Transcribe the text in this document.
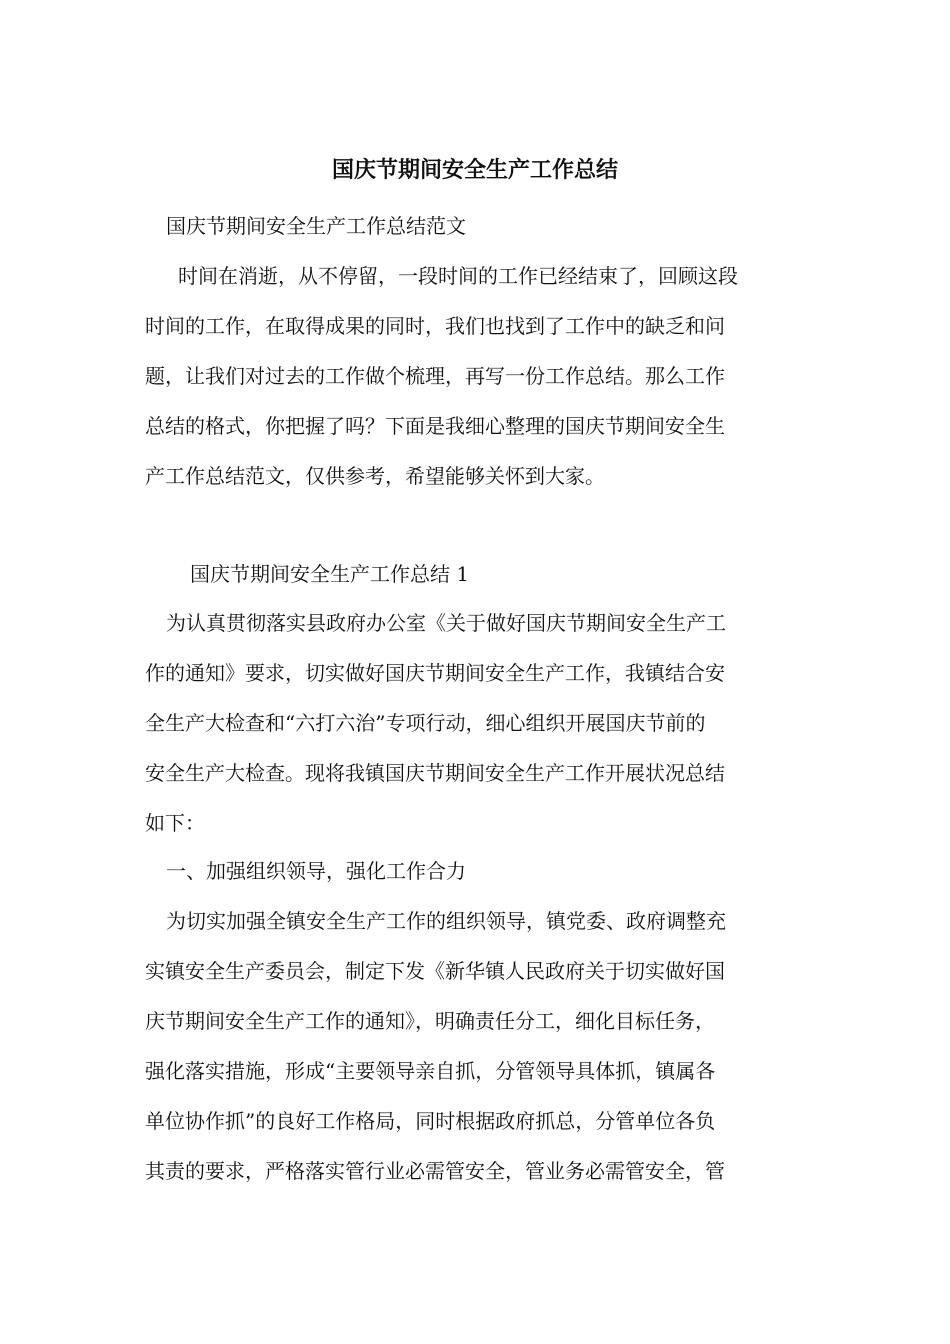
国庆节期间安全生产工作总结

国庆节期间安全生产工作总结范文

时间在消逝，从不停留，一段时间的工作已经结束了，回顾这段

时间的工作，在取得成果的同时，我们也找到了工作中的缺乏和问

题，让我们对过去的工作做个梳理，再写一份工作总结。那么工作

总结的格式，你把握了吗？下面是我细心整理的国庆节期间安全生

产工作总结范文，仅供参考，希望能够关怀到大家。

国庆节期间安全生产工作总结 1

为认真贯彻落实县政府办公室《关于做好国庆节期间安全生产工

作的通知》要求，切实做好国庆节期间安全生产工作，我镇结合安

全生产大检查和“六打六治”专项行动，细心组织开展国庆节前的

安全生产大检查。现将我镇国庆节期间安全生产工作开展状况总结

如下：

一、加强组织领导，强化工作合力

为切实加强全镇安全生产工作的组织领导，镇党委、政府调整充

实镇安全生产委员会，制定下发《新华镇人民政府关于切实做好国

庆节期间安全生产工作的通知》，明确责任分工，细化目标任务，

强化落实措施，形成“主要领导亲自抓，分管领导具体抓，镇属各

单位协作抓”的良好工作格局，同时根据政府抓总，分管单位各负

其责的要求，严格落实管行业必需管安全，管业务必需管安全，管
